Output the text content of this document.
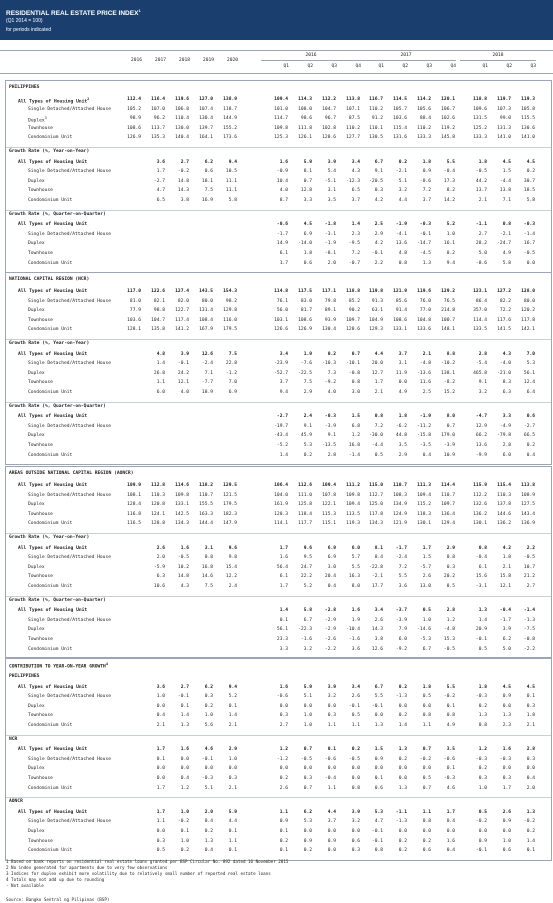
RESIDENTIAL REAL ESTATE PRICE INDEX$^1$
(Q1 2014 = 100)
for periods indicated
2016	2017	2018	2019	2020
2016
Q1	Q2	Q3	Q4
2017
Q1	Q2	Q3	Q4
2018
Q1	Q2	Q3
PHILIPPINES
All Types of Housing Unit$^2$	112.4	116.4	119.6	127.0	138.9	109.4	114.3	112.2	113.8	116.7	114.5	114.2	120.1	118.8	119.7	119.3
Single Detached/Attached House	105.2	107.0	106.8	107.4	118.7	101.0	108.0	104.7	107.1	110.2	105.7	105.6	106.7	109.6	107.3	105.8
Duplex$^3$	98.9	96.2	110.4	130.4	144.9	114.7	98.6	96.7	87.5	91.2	103.6	88.4	102.6	131.5	99.0	115.5
Townhouse	108.6	113.7	130.0	139.7	155.2	109.8	111.8	102.8	110.2	110.1	115.4	110.2	119.2	125.2	131.3	130.6
Condominium Unit	126.9	135.3	140.4	164.1	173.6	125.3	126.1	128.6	127.7	130.5	131.6	133.3	145.8	133.3	141.0	141.0
Growth Rate (%, Year-on-Year)
All Types of Housing Unit	3.6	2.7	6.2	9.4	1.6	5.9	3.9	3.4	6.7	0.2	1.8	5.5	1.8	4.5	4.5
Single Detached/Attached House	1.7	-0.2	0.6	10.5	-0.9	8.1	5.4	4.3	9.1	-2.1	0.9	-0.4	-0.5	1.5	0.2
Duplex	-2.7	14.8	18.1	11.1	10.4	0.7	-5.1	-12.3	-20.5	5.1	-8.6	17.3	44.2	-4.4	30.7
Townhouse	4.7	14.3	7.5	11.1	4.0	12.8	3.1	6.5	0.3	3.2	7.2	8.2	13.7	13.8	18.5
Condominium Unit	6.5	3.8	16.9	5.8	8.7	3.3	3.5	3.7	4.2	4.4	3.7	14.2	2.1	7.1	5.8
Growth Rate (%, Quarter-on-Quarter)
All Types of Housing Unit	-0.6	4.5	-1.8	1.4	2.5	-1.9	-0.3	5.2	-1.1	0.8	-0.3
Single Detached/Attached House	-1.7	6.9	-3.1	2.3	2.9	-4.1	-0.1	1.0	2.7	-2.1	-1.4
Duplex	14.9	-14.0	-1.9	-9.5	4.2	13.6	-14.7	16.1	28.2	-24.7	16.7
Townhouse	6.1	1.8	-8.1	7.2	-0.1	4.8	-4.5	8.2	5.0	4.9	-0.5
Condominium Unit	1.7	0.6	2.0	-0.7	2.2	0.8	1.3	9.4	-8.6	5.8	0.0
NATIONAL CAPITAL REGION (NCR)
All Types of Housing Unit	117.0	122.6	127.4	143.5	154.3	114.8	117.5	117.1	118.8	119.8	121.9	119.6	129.2	123.1	127.2	128.0
Single Detached/Attached House	81.0	82.1	82.0	80.0	98.2	76.1	83.0	79.8	85.2	91.3	85.6	76.0	76.5	86.4	82.2	80.0
Duplex	77.9	98.8	122.7	131.4	129.8	56.0	81.7	89.1	90.2	63.1	91.4	77.0	214.8	357.0	72.2	120.2
Townhouse	103.6	104.7	117.4	108.4	116.0	103.1	108.6	93.9	109.7	104.9	108.6	104.8	100.7	114.4	117.6	117.8
Condominium Unit	128.1	135.8	141.2	167.9	179.5	126.6	126.9	130.4	128.6	129.3	133.1	133.6	148.1	133.5	141.5	142.1
Growth Rate (%, Year-on-Year)
All Types of Housing Unit	4.8	3.9	12.6	7.5	3.4	1.9	0.2	0.7	4.4	3.7	2.1	8.8	2.8	4.3	7.0
Single Detached/Attached House	1.4	-0.1	-2.4	22.8	-23.9	-7.6	-10.3	-10.1	20.0	3.1	-4.8	-10.2	-5.4	-4.0	5.3
Duplex	26.8	24.2	7.1	-1.2	-52.7	-22.5	7.3	-0.8	12.7	11.9	-13.6	138.1	465.8	-21.0	56.1
Townhouse	1.1	12.1	-7.7	7.0	3.7	7.5	-9.2	0.8	1.7	0.0	11.6	-8.2	9.1	8.3	12.4
Condominium Unit	6.0	4.0	18.9	6.9	9.4	2.9	4.0	3.0	2.1	4.9	2.5	15.2	3.2	6.3	6.4
Growth Rate (%, Quarter-on-Quarter)
All Types of Housing Unit	-2.7	2.4	-0.3	1.5	0.8	1.8	-1.9	8.0	-4.7	3.3	0.6
Single Detached/Attached House	-19.7	9.1	-3.9	6.8	7.2	-6.2	-11.2	0.7	12.9	-4.9	-2.7
Duplex	-43.4	45.9	9.1	1.2	-30.0	44.8	-15.8	179.0	66.2	-79.8	66.5
Townhouse	-5.2	5.3	-13.5	16.8	-4.4	3.5	-3.5	-3.9	13.6	2.8	0.2
Condominium Unit	1.4	0.2	2.8	-1.4	0.5	2.9	0.4	10.9	-9.9	6.0	0.4
AREAS OUTSIDE NATIONAL CAPITAL REGION (AONCR)
All Types of Housing Unit	109.9	112.8	114.6	118.2	129.5	106.4	112.6	109.4	111.2	115.0	110.7	111.3	114.4	115.9	115.4	113.8
Single Detached/Attached House	108.1	110.3	109.8	110.7	121.5	104.0	111.0	107.8	109.8	112.7	108.3	109.4	110.7	112.2	110.3	108.9
Duplex	128.4	120.8	133.1	155.5	179.5	161.9	125.8	122.1	109.4	125.0	134.9	115.2	109.7	132.6	137.8	127.5
Townhouse	116.8	124.1	142.5	163.3	182.3	120.3	118.4	115.3	113.5	117.8	124.9	118.3	136.4	136.2	144.6	143.4
Condominium Unit	116.5	128.8	134.3	144.4	147.9	114.1	117.7	115.1	119.3	134.3	121.9	130.1	129.4	130.1	136.2	136.9
Growth Rate (%, Year-on-Year)
All Types of Housing Unit	2.6	1.6	3.1	9.6	1.7	9.6	6.9	6.0	8.1	-1.7	1.7	2.9	0.8	4.2	2.2
Single Detached/Attached House	2.0	-0.5	0.8	9.8	1.6	9.5	6.9	5.7	8.4	-2.4	1.5	0.8	-0.4	1.8	-0.5
Duplex	-5.9	10.2	16.8	15.4	56.4	24.7	3.0	5.5	-22.8	7.2	-5.7	0.3	6.1	2.1	10.7
Townhouse	6.3	14.8	14.6	12.2	6.1	22.2	20.4	16.3	-2.1	5.5	2.6	20.2	15.6	15.8	21.2
Condominium Unit	10.6	4.3	7.5	2.4	1.7	5.2	0.4	8.0	17.7	3.6	13.0	8.5	-3.1	12.1	2.7
Growth Rate (%, Quarter-on-Quarter)
All Types of Housing Unit	1.4	5.8	-2.8	1.6	3.4	-3.7	0.5	2.8	1.3	-0.4	-1.4
Single Detached/Attached House	0.1	6.7	-2.9	1.9	2.6	-3.9	1.0	1.2	1.4	-1.7	-1.3
Duplex	56.1	-22.3	-2.9	-10.4	14.3	7.9	-14.6	-4.8	20.9	3.9	-7.5
Townhouse	23.3	-1.6	-2.6	-1.6	3.8	6.0	-5.3	15.3	-0.1	6.2	-0.8
Condominium Unit	3.3	3.2	-2.2	3.6	12.6	-9.2	6.7	-0.5	0.5	5.0	-2.2
CONTRIBUTION TO YEAR-ON-YEAR GROWTH$^4$
PHILIPPINES
All Types of Housing Unit	3.6	2.7	6.2	9.4	1.6	5.9	3.9	3.4	6.7	0.2	1.8	5.5	1.8	4.5	4.5
Single Detached/Attached House	1.0	-0.1	0.3	5.2	-0.6	5.1	3.2	2.6	5.5	-1.3	0.5	-0.2	-0.3	0.9	0.1
Duplex	0.0	0.1	0.2	0.1	0.0	0.0	0.0	-0.1	-0.1	0.0	0.0	0.1	0.2	0.0	0.3
Townhouse	0.4	1.4	1.0	1.4	0.3	1.0	0.3	0.5	0.0	0.2	0.8	0.8	1.3	1.3	1.8
Condominium Unit	2.1	1.3	5.6	2.1	2.7	1.0	1.1	1.1	1.3	1.4	1.1	4.9	0.8	2.3	2.1
NCR
All Types of Housing Unit	1.7	1.6	4.6	2.9	1.2	0.7	0.1	0.2	1.5	1.3	0.7	3.5	1.2	1.6	2.8
Single Detached/Attached House	0.1	0.0	-0.1	1.0	-1.2	-0.5	-0.6	-0.5	0.9	0.2	-0.2	-0.6	-0.3	-0.3	0.3
Duplex	0.0	0.0	0.0	0.0	0.0	0.0	0.0	0.0	0.0	0.0	0.0	0.1	0.2	0.0	0.0
Townhouse	0.0	0.4	-0.3	0.3	0.2	0.3	-0.4	0.0	0.1	0.0	0.5	-0.3	0.3	0.3	0.4
Condominium Unit	1.7	1.2	5.1	2.1	2.6	0.7	1.1	0.8	0.6	1.3	0.7	4.6	1.0	1.7	2.0
AONCR
All Types of Housing Unit	1.7	1.0	2.0	5.9	1.1	6.2	4.4	3.9	5.3	-1.1	1.1	1.7	0.5	2.6	1.3
Single Detached/Attached House	1.1	-0.2	0.4	4.4	0.9	5.3	3.7	3.2	4.7	-1.3	0.8	0.4	-0.2	0.9	-0.2
Duplex	0.0	0.1	0.2	0.1	0.1	0.0	0.0	0.0	-0.1	0.0	0.0	0.0	0.0	0.0	0.2
Townhouse	0.3	1.0	1.3	1.1	0.2	0.9	0.9	0.6	-0.1	0.2	0.2	1.6	0.9	1.0	1.4
Condominium Unit	0.5	0.2	0.4	0.1	0.1	0.2	0.0	0.3	0.8	0.2	0.6	0.4	-0.1	0.6	0.1
1 Based on bank reports on residential real estate loans granted per BSP Circular No. 892 dated 16 November 2015
2 No index generated for apartments due to very few observations
3 Indices for duplex exhibit more volatility due to relatively small number of reported real estate loans
4 Totals may not add up due to rounding
- Not available
Source: Bangko Sentral ng Pilipinas (BSP)
